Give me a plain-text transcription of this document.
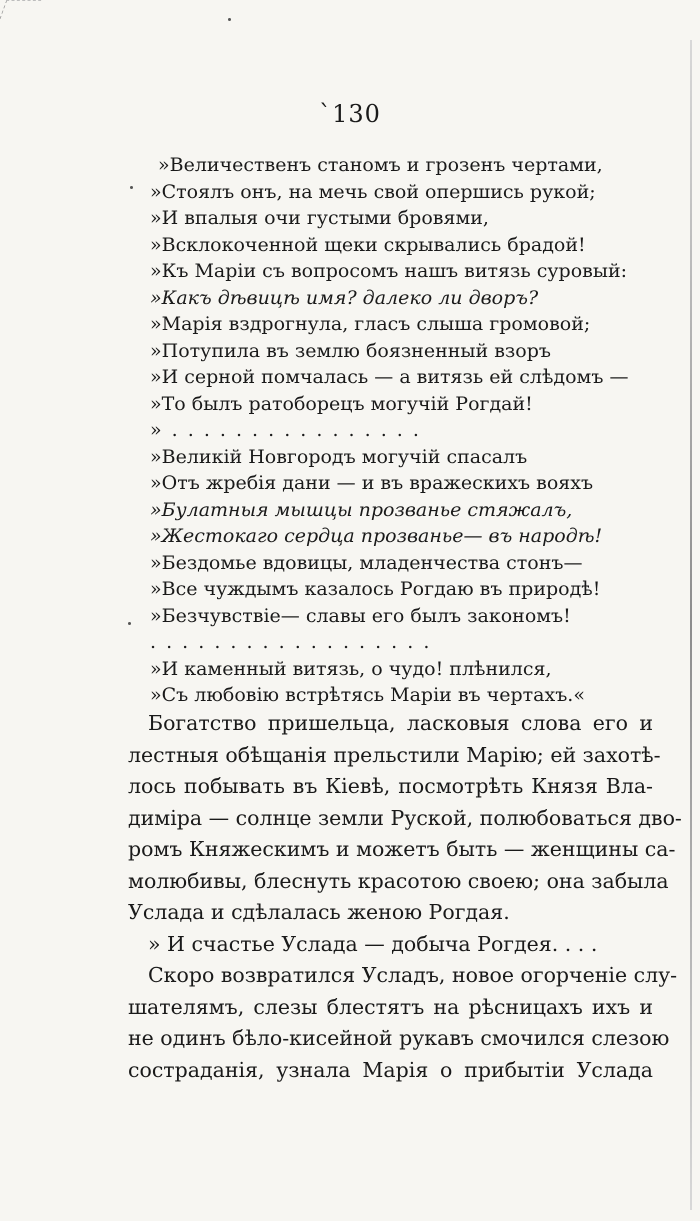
`130
»Величественъ станомъ и грозенъ чертами,
»Стоялъ онъ, на мечь свой опершись рукой;
»И впалыя очи густыми бровями,
»Всклокоченной щеки скрывались брадой!
»Къ Маріи съ вопросомъ нашъ витязь суровый:
»Какъ дѣвицѣ имя? далеко ли дворъ?
»Марія вздрогнула, гласъ слыша громовой;
»Потупила въ землю боязненный взоръ
»И серной помчалась — а витязь ей слѣдомъ —
»То былъ ратоборецъ могучій Рогдай!
» . . . . . . . . . . . . . . . .
»Великій Новгородъ могучій спасалъ
»Отъ жребія дани — и въ вражескихъ вояхъ
»Булатныя мышцы прозванье стяжалъ,
»Жестокаго сердца прозванье— въ народѣ!
»Бездомье вдовицы, младенчества стонъ—
»Все чуждымъ казалось Рогдаю въ природѣ!
»Безчувствіе— славы его былъ закономъ!
. . . . . . . . . . . . . . . . . .
»И каменный витязь, о чудо! плѣнился,
»Съ любовію встрѣтясь Маріи въ чертахъ.«
Богатство пришельца, ласковыя слова его и
лестныя обѣщанія прельстили Марію; ей захотѣ-
лось побывать въ Кіевѣ, посмотрѣть Князя Вла-
диміра — солнце земли Руской, полюбоваться дво-
ромъ Княжескимъ и можетъ быть — женщины са-
молюбивы, блеснуть красотою своею; она забыла
Услада и сдѣлалась женою Рогдая.
» И счастье Услада — добыча Рогдея. . . .
Скоро возвратился Усладъ, новое огорченіе слу-
шателямъ, слезы блестятъ на рѣсницахъ ихъ и
не одинъ бѣло-кисейной рукавъ смочился слезою
состраданія, узнала Марія о прибытіи Услада
